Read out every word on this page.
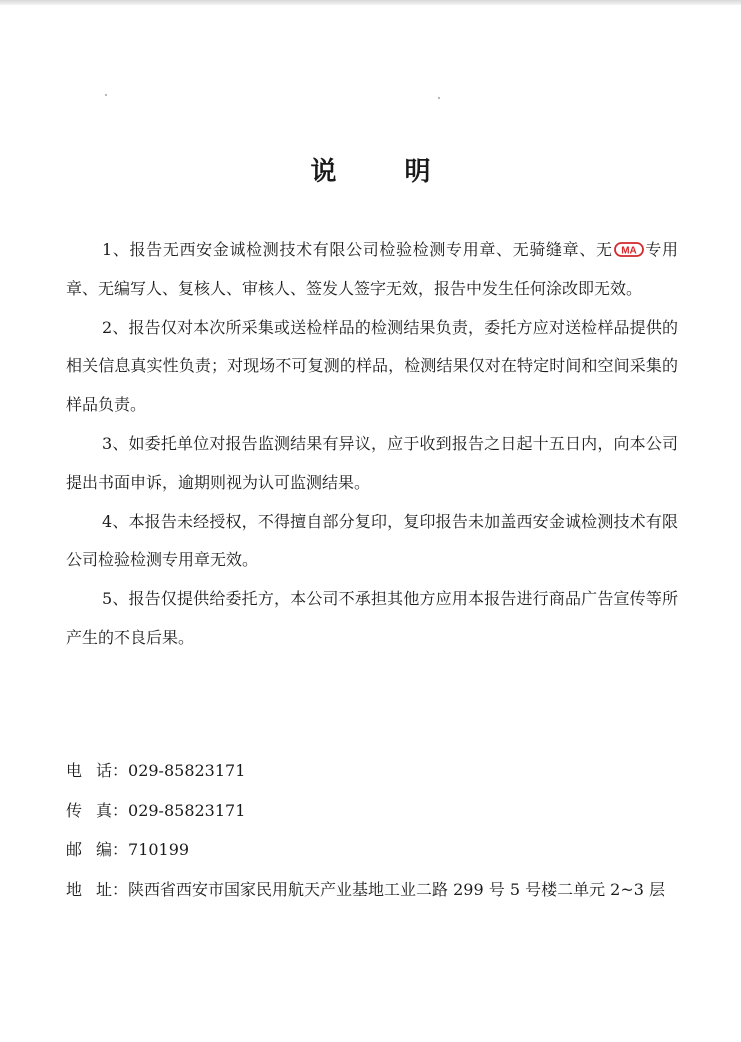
说	明

1、报告无西安金诚检测技术有限公司检验检测专用章、无骑缝章、无 MA 专用章、无编写人、复核人、审核人、签发人签字无效，报告中发生任何涂改即无效。

2、报告仅对本次所采集或送检样品的检测结果负责，委托方应对送检样品提供的相关信息真实性负责；对现场不可复测的样品，检测结果仅对在特定时间和空间采集的样品负责。

3、如委托单位对报告监测结果有异议，应于收到报告之日起十五日内，向本公司提出书面申诉，逾期则视为认可监测结果。

4、本报告未经授权，不得擅自部分复印，复印报告未加盖西安金诚检测技术有限公司检验检测专用章无效。

5、报告仅提供给委托方，本公司不承担其他方应用本报告进行商品广告宣传等所产生的不良后果。

电话：029-85823171
传真：029-85823171
邮编：710199
地址：陕西省西安市国家民用航天产业基地工业二路 299 号 5 号楼二单元 2~3 层
